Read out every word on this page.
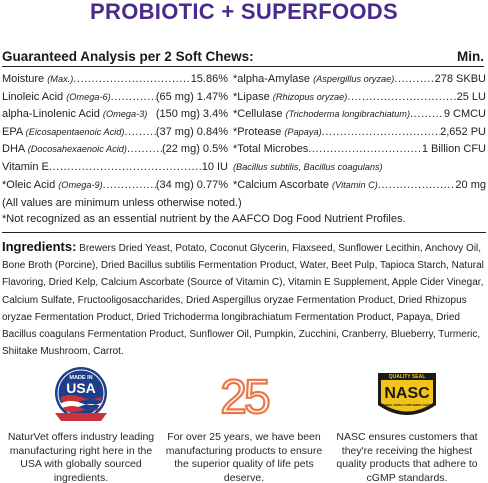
PROBIOTIC + SUPERFOODS
Guaranteed Analysis per 2 Soft Chews:	Min.
Moisture (Max.) .....	15.86%
Linoleic Acid (Omega-6) .....	(65 mg) 1.47%
alpha-Linolenic Acid (Omega-3) (150 mg) 3.4%
EPA (Eicosapentaenoic Acid) .....	(37 mg) 0.84%
DHA (Docosahexaenoic Acid) .....	(22 mg) 0.5%
Vitamin E .....	10 IU
*Oleic Acid (Omega-9) .....	(34 mg) 0.77%
*alpha-Amylase (Aspergillus oryzae) .....	278 SKBU
*Lipase (Rhizopus oryzae) .....	25 LU
*Cellulase (Trichoderma longibrachiatum) .....	9 CMCU
*Protease (Papaya) .....	2,652 PU
*Total Microbes .....	1 Billion CFU
(Bacillus subtilis, Bacillus coagulans)
*Calcium Ascorbate (Vitamin C) .....	20 mg
(All values are minimum unless otherwise noted.)
*Not recognized as an essential nutrient by the AAFCO Dog Food Nutrient Profiles.
Ingredients: Brewers Dried Yeast, Potato, Coconut Glycerin, Flaxseed, Sunflower Lecithin, Anchovy Oil, Bone Broth (Porcine), Dried Bacillus subtilis Fermentation Product, Water, Beet Pulp, Tapioca Starch, Natural Flavoring, Dried Kelp, Calcium Ascorbate (Source of Vitamin C), Vitamin E Supplement, Apple Cider Vinegar, Calcium Sulfate, Fructooligosaccharides, Dried Aspergillus oryzae Fermentation Product, Dried Rhizopus oryzae Fermentation Product, Dried Trichoderma longibrachiatum Fermentation Product, Papaya, Dried Bacillus coagulans Fermentation Product, Sunflower Oil, Pumpkin, Zucchini, Cranberry, Blueberry, Turmeric, Shiitake Mushroom, Carrot.
MADE IN
USA
NaturVet offers industry leading manufacturing right here in the USA with globally sourced ingredients.
25
For over 25 years, we have been manufacturing products to ensure the superior quality of life pets deserve.
QUALITY SEAL
NASC
NATIONAL ANIMAL SUPPLEMENT COUNCIL
NASC ensures customers that they're receiving the highest quality products that adhere to cGMP standards.
